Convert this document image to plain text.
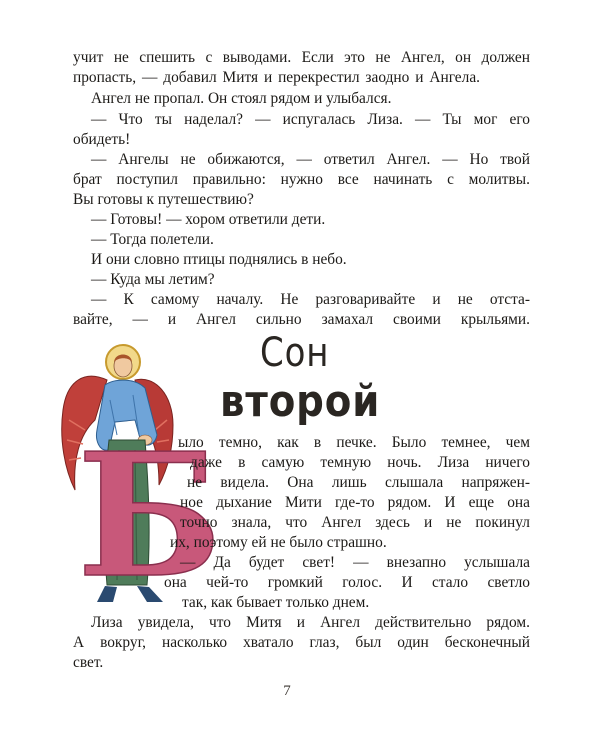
учит не спешить с выводами. Если это не Ангел, он должен
пропасть, — добавил Митя и перекрестил заодно и Ангела.
Ангел не пропал. Он стоял рядом и улыбался.
— Что ты наделал? — испугалась Лиза. — Ты мог его
обидеть!
— Ангелы не обижаются, — ответил Ангел. — Но твой
брат поступил правильно: нужно все начинать с молитвы.
Вы готовы к путешествию?
— Готовы! — хором ответили дети.
— Тогда полетели.
И они словно птицы поднялись в небо.
— Куда мы летим?
— К самому началу. Не разговаривайте и не отста-
вайте, — и Ангел сильно замахал своими крыльями.
Б
Сон
второй
ыло темно, как в печке. Было темнее, чем
даже в самую темную ночь. Лиза ничего
не видела. Она лишь слышала напряжен-
ное дыхание Мити где-то рядом. И еще она
точно знала, что Ангел здесь и не покинул
их, поэтому ей не было страшно.
— Да будет свет! — внезапно услышала
она чей-то громкий голос. И стало светло
так, как бывает только днем.
Лиза увидела, что Митя и Ангел действительно рядом.
А вокруг, насколько хватало глаз, был один бесконечный
свет.
7
